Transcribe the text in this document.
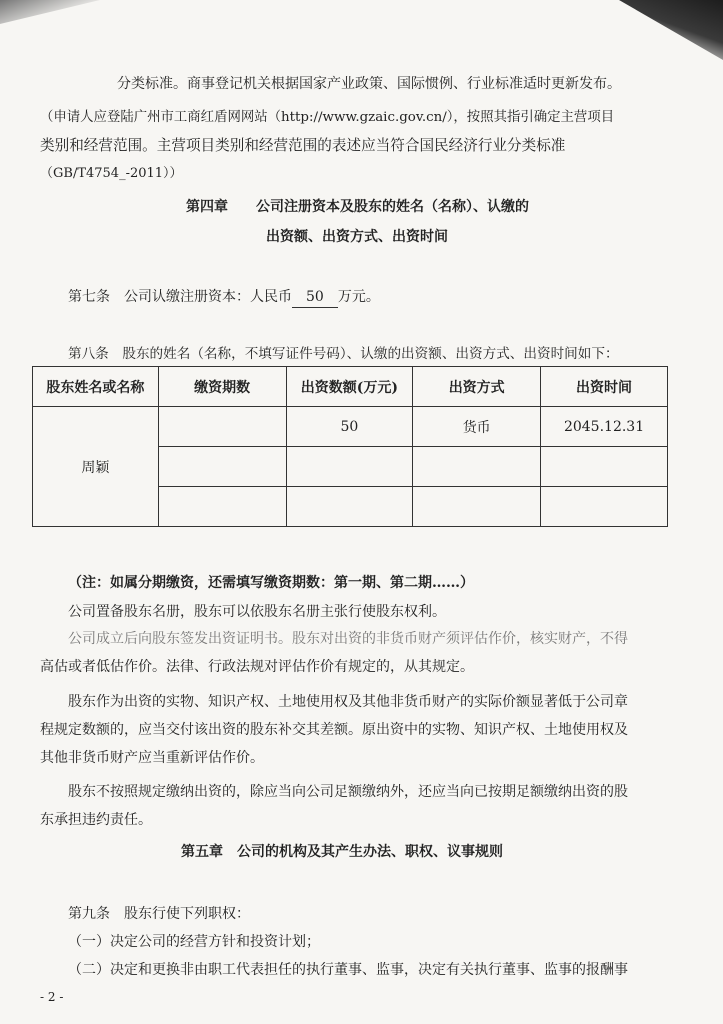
分类标准。商事登记机关根据国家产业政策、国际惯例、行业标准适时更新发布。
（申请人应登陆广州市工商红盾网网站（http://www.gzaic.gov.cn/），按照其指引确定主营项目
类别和经营范围。主营项目类别和经营范围的表述应当符合国民经济行业分类标准
（GB/T4754_-2011））
第四章　　公司注册资本及股东的姓名（名称）、认缴的
出资额、出资方式、出资时间
第七条　公司认缴注册资本：人民币 50 万元。
第八条　股东的姓名（名称，不填写证件号码）、认缴的出资额、出资方式、出资时间如下：
股东姓名或名称	缴资期数	出资数额(万元)	出资方式	出资时间
周颖		50	货币	2045.12.31

（注：如属分期缴资，还需填写缴资期数：第一期、第二期……）
公司置备股东名册，股东可以依股东名册主张行使股东权利。
公司成立后向股东签发出资证明书。股东对出资的非货币财产须评估作价，核实财产，不得
高估或者低估作价。法律、行政法规对评估作价有规定的，从其规定。
股东作为出资的实物、知识产权、土地使用权及其他非货币财产的实际价额显著低于公司章
程规定数额的，应当交付该出资的股东补交其差额。原出资中的实物、知识产权、土地使用权及
其他非货币财产应当重新评估作价。
股东不按照规定缴纳出资的，除应当向公司足额缴纳外，还应当向已按期足额缴纳出资的股
东承担违约责任。
第五章　公司的机构及其产生办法、职权、议事规则
第九条　股东行使下列职权：
（一）决定公司的经营方针和投资计划；
（二）决定和更换非由职工代表担任的执行董事、监事，决定有关执行董事、监事的报酬事
- 2 -
